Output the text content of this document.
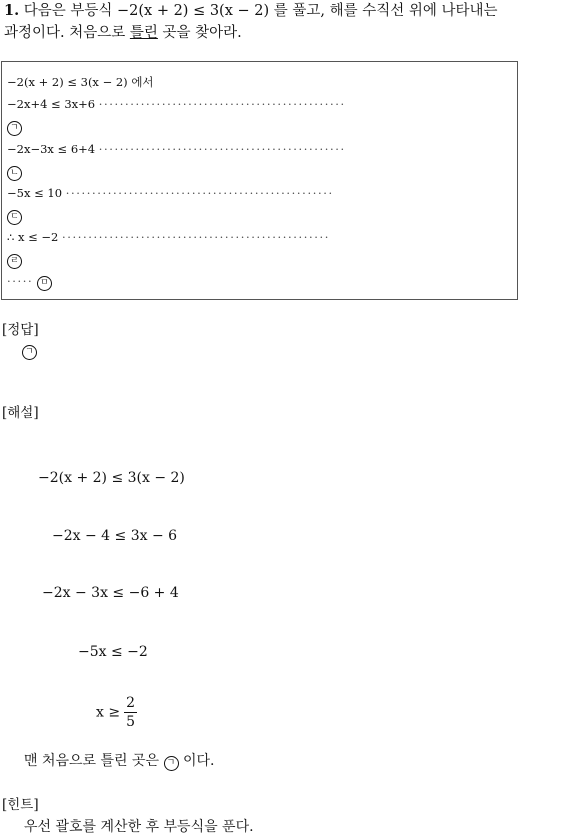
1. 다음은 부등식 −2(x + 2) ≤ 3(x − 2) 를 풀고, 해를 수직선 위에 나타내는
과정이다. 처음으로 틀린 곳을 찾아라.
−2(x + 2) ≤ 3(x − 2) 에서
−2x+4 ≤ 3x+6 ···············································
ㄱ
−2x−3x ≤ 6+4 ···············································
ㄴ
−5x ≤ 10 ···················································
ㄷ
∴ x ≤ −2 ···················································
ㄹ
····· ㅁ
[정답]
ㄱ
[해설]
−2(x + 2) ≤ 3(x − 2)
−2x − 4 ≤ 3x − 6
−2x − 3x ≤ −6 + 4
−5x ≤ −2
$x \ge \frac{2}{5}$
맨 처음으로 틀린 곳은 ㄱ 이다.
[힌트]
우선 괄호를 계산한 후 부등식을 푼다.
